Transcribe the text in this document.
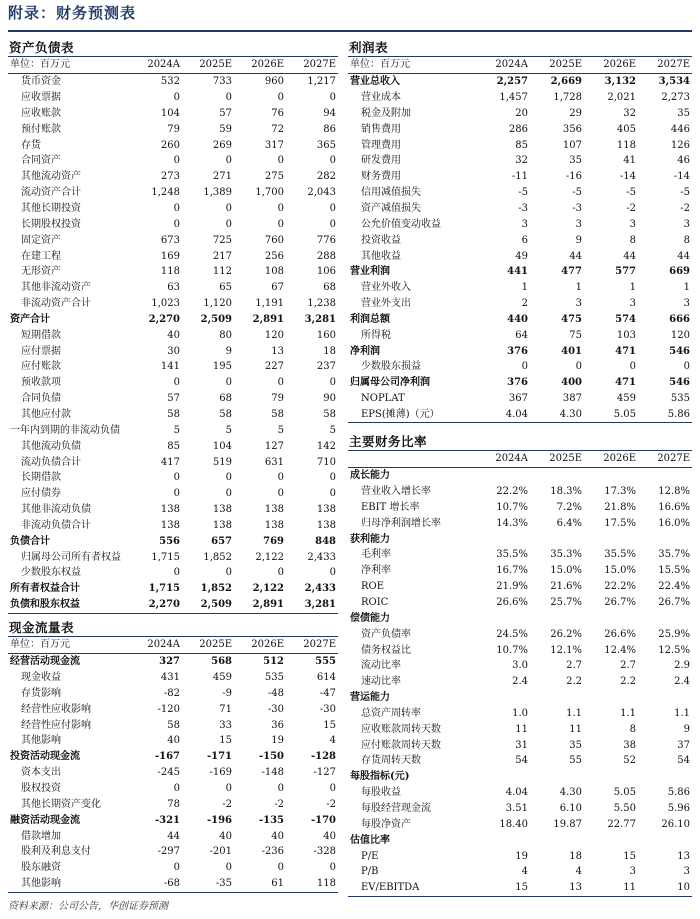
附录：财务预测表
资产负债表
单位：百万元	2024A	2025E	2026E	2027E
货币资金	532	733	960	1,217
应收票据	0	0	0	0
应收账款	104	57	76	94
预付账款	79	59	72	86
存货	260	269	317	365
合同资产	0	0	0	0
其他流动资产	273	271	275	282
流动资产合计	1,248	1,389	1,700	2,043
其他长期投资	0	0	0	0
长期股权投资	0	0	0	0
固定资产	673	725	760	776
在建工程	169	217	256	288
无形资产	118	112	108	106
其他非流动资产	63	65	67	68
非流动资产合计	1,023	1,120	1,191	1,238
资产合计	2,270	2,509	2,891	3,281
短期借款	40	80	120	160
应付票据	30	9	13	18
应付账款	141	195	227	237
预收款项	0	0	0	0
合同负债	57	68	79	90
其他应付款	58	58	58	58
一年内到期的非流动负债	5	5	5	5
其他流动负债	85	104	127	142
流动负债合计	417	519	631	710
长期借款	0	0	0	0
应付债券	0	0	0	0
其他非流动负债	138	138	138	138
非流动负债合计	138	138	138	138
负债合计	556	657	769	848
归属母公司所有者权益	1,715	1,852	2,122	2,433
少数股东权益	0	0	0	0
所有者权益合计	1,715	1,852	2,122	2,433
负债和股东权益	2,270	2,509	2,891	3,281
现金流量表
单位：百万元	2024A	2025E	2026E	2027E
经营活动现金流	327	568	512	555
现金收益	431	459	535	614
存货影响	-82	-9	-48	-47
经营性应收影响	-120	71	-30	-30
经营性应付影响	58	33	36	15
其他影响	40	15	19	4
投资活动现金流	-167	-171	-150	-128
资本支出	-245	-169	-148	-127
股权投资	0	0	0	0
其他长期资产变化	78	-2	-2	-2
融资活动现金流	-321	-196	-135	-170
借款增加	44	40	40	40
股利及利息支付	-297	-201	-236	-328
股东融资	0	0	0	0
其他影响	-68	-35	61	118
利润表
单位：百万元	2024A	2025E	2026E	2027E
营业总收入	2,257	2,669	3,132	3,534
营业成本	1,457	1,728	2,021	2,273
税金及附加	20	29	32	35
销售费用	286	356	405	446
管理费用	85	107	118	126
研发费用	32	35	41	46
财务费用	-11	-16	-14	-14
信用减值损失	-5	-5	-5	-5
资产减值损失	-3	-3	-2	-2
公允价值变动收益	3	3	3	3
投资收益	6	9	8	8
其他收益	49	44	44	44
营业利润	441	477	577	669
营业外收入	1	1	1	1
营业外支出	2	3	3	3
利润总额	440	475	574	666
所得税	64	75	103	120
净利润	376	401	471	546
少数股东损益	0	0	0	0
归属母公司净利润	376	400	471	546
NOPLAT	367	387	459	535
EPS(摊薄)（元）	4.04	4.30	5.05	5.86
主要财务比率
	2024A	2025E	2026E	2027E
成长能力				
营业收入增长率	22.2%	18.3%	17.3%	12.8%
EBIT 增长率	10.7%	7.2%	21.8%	16.6%
归母净利润增长率	14.3%	6.4%	17.5%	16.0%
获利能力				
毛利率	35.5%	35.3%	35.5%	35.7%
净利率	16.7%	15.0%	15.0%	15.5%
ROE	21.9%	21.6%	22.2%	22.4%
ROIC	26.6%	25.7%	26.7%	26.7%
偿债能力				
资产负债率	24.5%	26.2%	26.6%	25.9%
债务权益比	10.7%	12.1%	12.4%	12.5%
流动比率	3.0	2.7	2.7	2.9
速动比率	2.4	2.2	2.2	2.4
营运能力				
总资产周转率	1.0	1.1	1.1	1.1
应收账款周转天数	11	11	8	9
应付账款周转天数	31	35	38	37
存货周转天数	54	55	52	54
每股指标(元)				
每股收益	4.04	4.30	5.05	5.86
每股经营现金流	3.51	6.10	5.50	5.96
每股净资产	18.40	19.87	22.77	26.10
估值比率				
P/E	19	18	15	13
P/B	4	4	3	3
EV/EBITDA	15	13	11	10
资料来源：公司公告，华创证券预测
